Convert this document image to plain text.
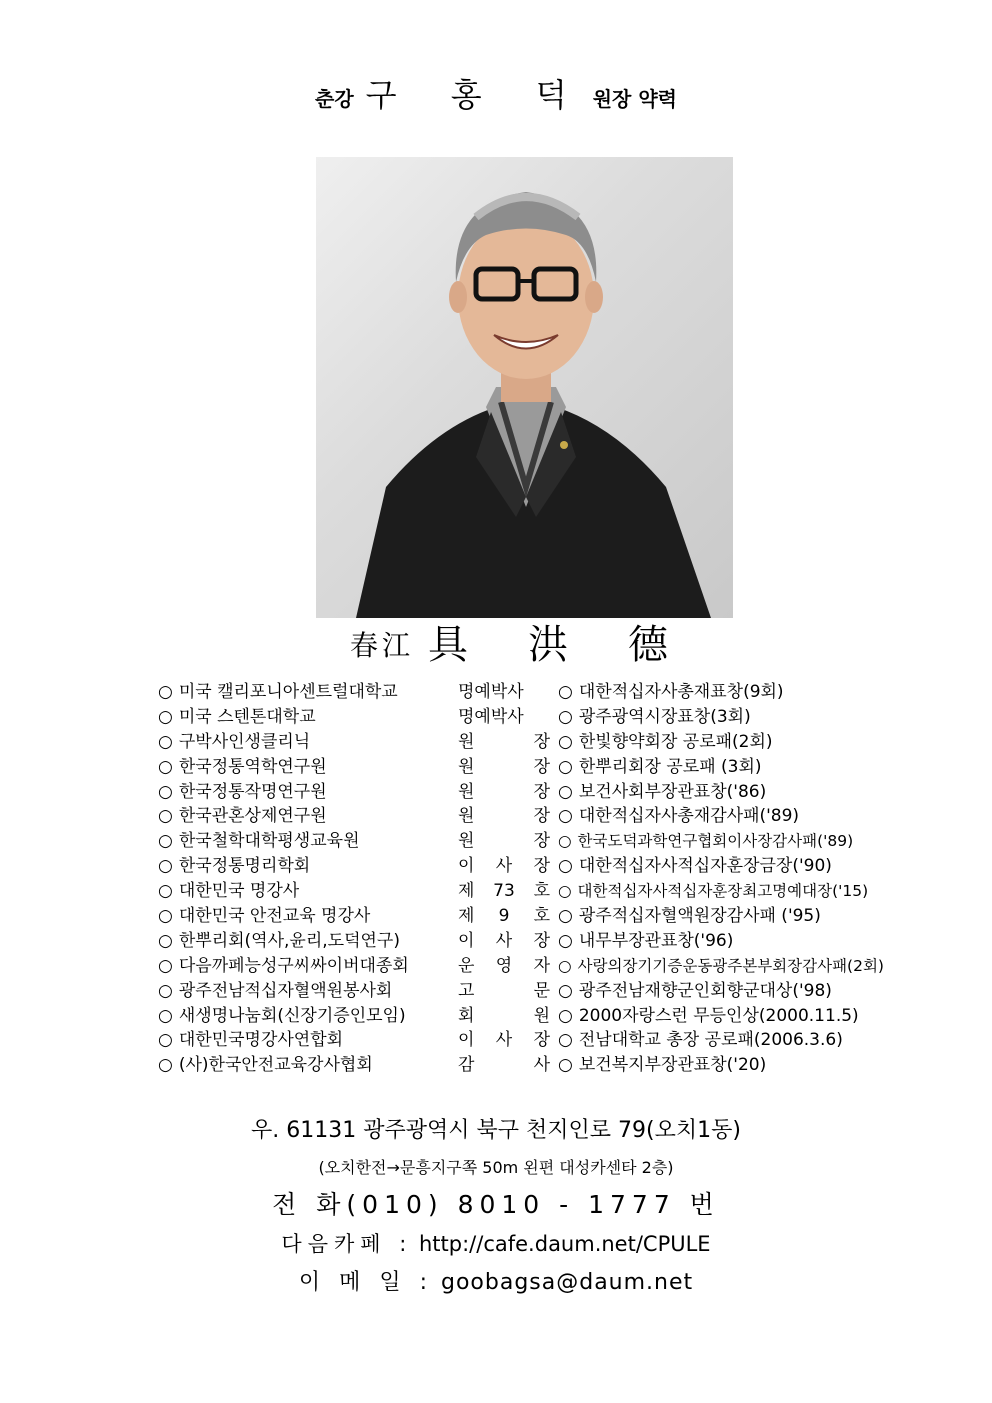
춘강 구 홍 덕 원장 약력
春江 具 洪 德
○ 미국 캘리포니아센트럴대학교	명예박사	○ 대한적십자사총재표창(9회)
○ 미국 스텐톤대학교	명예박사	○ 광주광역시장표창(3회)
○ 구박사인생클리닉	원 장 ○ 한빛향약회장 공로패(2회)
○ 한국정통역학연구원	원 장 ○ 한뿌리회장 공로패 (3회)
○ 한국정통작명연구원	원 장 ○ 보건사회부장관표창('86)
○ 한국관혼상제연구원	원 장 ○ 대한적십자사총재감사패('89)
○ 한국철학대학평생교육원	원 장 ○ 한국도덕과학연구협회이사장감사패('89)
○ 한국정통명리학회	이 사 장 ○ 대한적십자사적십자훈장금장('90)
○ 대한민국 명강사	제 73 호 ○ 대한적십자사적십자훈장최고명예대장('15)
○ 대한민국 안전교육 명강사	제 9 호 ○ 광주적십자혈액원장감사패 ('95)
○ 한뿌리회(역사,윤리,도덕연구)	이 사 장 ○ 내무부장관표창('96)
○ 다음까페능성구씨싸이버대종회	운 영 자 ○ 사랑의장기기증운동광주본부회장감사패(2회)
○ 광주전남적십자혈액원봉사회	고 문 ○ 광주전남재향군인회향군대상('98)
○ 새생명나눔회(신장기증인모임)	회 원 ○ 2000자랑스런 무등인상(2000.11.5)
○ 대한민국명강사연합회	이 사 장 ○ 전남대학교 총장 공로패(2006.3.6)
○ (사)한국안전교육강사협회	감 사 ○ 보건복지부장관표창('20)
우. 61131 광주광역시 북구 천지인로 79(오치1동)
(오치한전→문흥지구쪽 50m 왼편 대성카센타 2층)
전 화(010) 8010 - 1777 번
다음카페 : http://cafe.daum.net/CPULE
이 메 일 : goobagsa@daum.net
